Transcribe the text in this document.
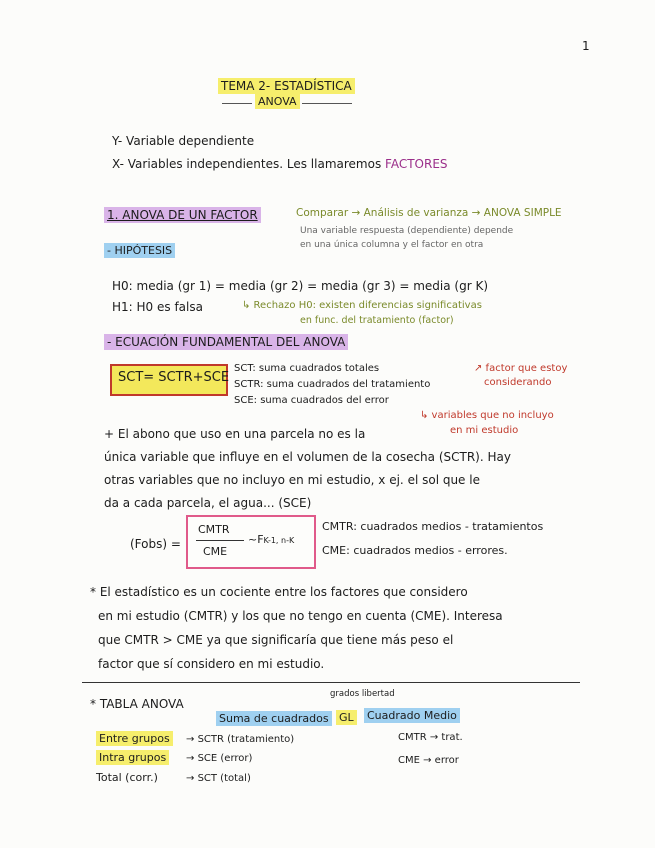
1
TEMA 2- ESTADÍSTICA
ANOVA
Y- Variable dependiente
X- Variables independientes. Les llamaremos FACTORES
1. ANOVA DE UN FACTOR	Comparar → Análisis de varianza → ANOVA SIMPLE
Una variable respuesta (dependiente) depende
en una única columna y el factor en otra
- HIPÓTESIS
H0: media (gr 1) = media (gr 2) = media (gr 3) = media (gr K)
H1: H0 es falsa	↳ Rechazo H0: existen diferencias significativas
en func. del tratamiento (factor)
- ECUACIÓN FUNDAMENTAL DEL ANOVA
SCT= SCTR+SCE
SCT: suma cuadrados totales
SCTR: suma cuadrados del tratamiento
SCE: suma cuadrados del error
↗ factor que estoy
considerando
↳ variables que no incluyo
en mi estudio
+ El abono que uso en una parcela no es la
única variable que influye en el volumen de la cosecha (SCTR). Hay
otras variables que no incluyo en mi estudio, x ej. el sol que le
da a cada parcela, el agua... (SCE)
(Fobs) =
CMTR
CME
~FK-1, n-K
CMTR: cuadrados medios - tratamientos
CME: cuadrados medios - errores.
* El estadístico es un cociente entre los factores que considero
en mi estudio (CMTR) y los que no tengo en cuenta (CME). Interesa
que CMTR > CME ya que significaría que tiene más peso el
factor que sí considero en mi estudio.
* TABLA ANOVA
grados libertad
Suma de cuadrados GL Cuadrado Medio
Entre grupos	→ SCTR (tratamiento)	CMTR → trat.
Intra grupos	→ SCE (error)	CME → error
Total (corr.)	→ SCT (total)
